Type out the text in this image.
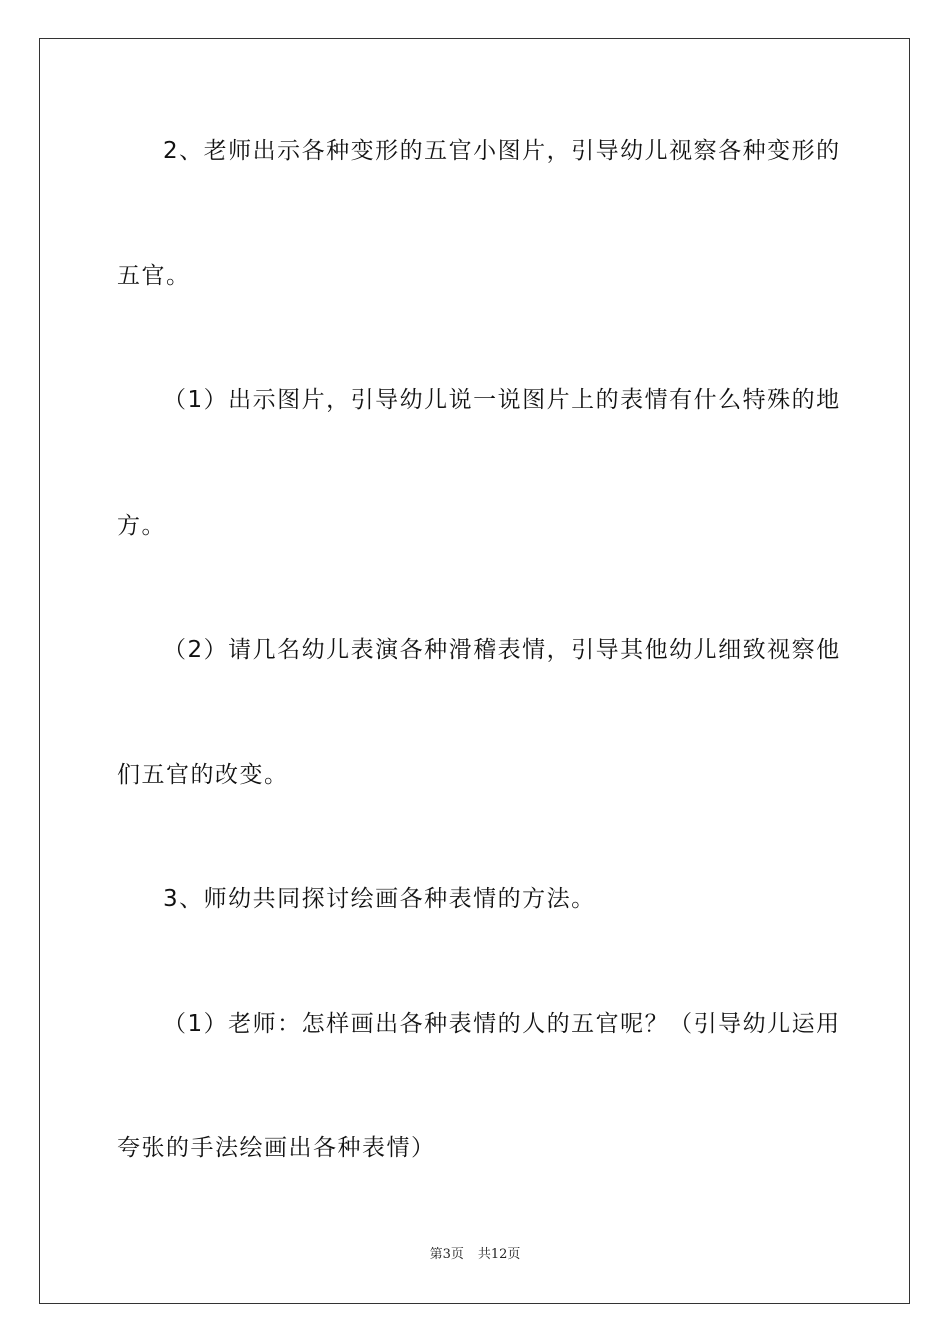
2、老师出示各种变形的五官小图片，引导幼儿视察各种变形的
五官。
（1）出示图片，引导幼儿说一说图片上的表情有什么特殊的地
方。
（2）请几名幼儿表演各种滑稽表情，引导其他幼儿细致视察他
们五官的改变。
3、师幼共同探讨绘画各种表情的方法。
（1）老师：怎样画出各种表情的人的五官呢？（引导幼儿运用
夸张的手法绘画出各种表情）
第3页 共12页
